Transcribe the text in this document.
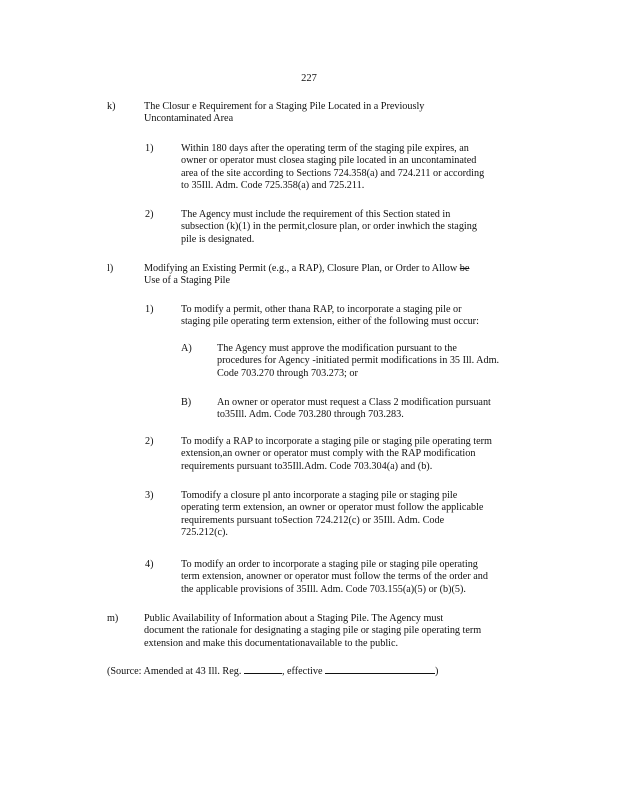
227
k)	The Closur e Requirement for a Staging Pile Located in a Previously
Uncontaminated Area
1)	Within 180 days after the operating term of the staging pile expires, an
owner or operator must closea staging pile located in an uncontaminated
area of the site according to Sections 724.358(a) and 724.211 or according
to 35Ill. Adm. Code 725.358(a) and 725.211.
2)	The Agency must include the requirement of this Section stated in
subsection (k)(1) in the permit,closure plan, or order inwhich the staging
pile is designated.
l)	Modifying an Existing Permit (e.g., a RAP), Closure Plan, or Order to Allow be
Use of a Staging Pile
1)	To modify a permit, other thana RAP, to incorporate a staging pile or
staging pile operating term extension, either of the following must occur:
A) The Agency must approve the modification pursuant to the
procedures for Agency -initiated permit modifications in 35 Ill. Adm.
Code 703.270 through 703.273; or
B)	An owner or operator must request a Class 2 modification pursuant
to35Ill. Adm. Code 703.280 through 703.283.
2)	To modify a RAP to incorporate a staging pile or staging pile operating term
extension,an owner or operator must comply with the RAP modification
requirements pursuant to35Ill.Adm. Code 703.304(a) and (b).
3)	Tomodify a closure pl anto incorporate a staging pile or staging pile
operating term extension, an owner or operator must follow the applicable
requirements pursuant toSection 724.212(c) or 35Ill. Adm. Code
725.212(c).
4)	To modify an order to incorporate a staging pile or staging pile operating
term extension, anowner or operator must follow the terms of the order and
the applicable provisions of 35Ill. Adm. Code 703.155(a)(5) or (b)(5).
m)	Public Availability of Information about a Staging Pile. The Agency must
document the rationale for designating a staging pile or staging pile operating term
extension and make this documentationavailable to the public.
(Source: Amended at 43 Ill. Reg.	, effective	)
